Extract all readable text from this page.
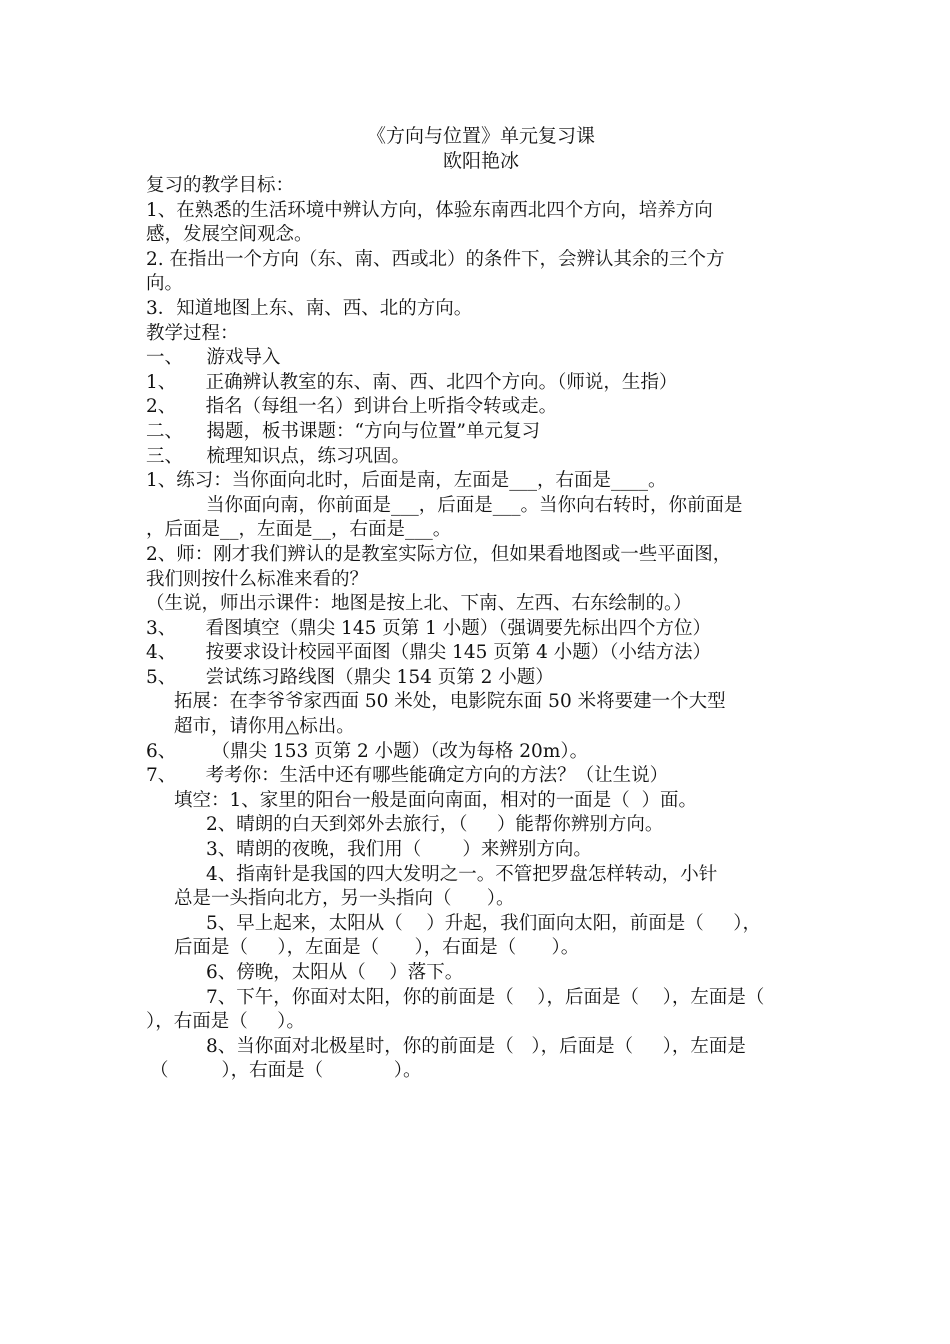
《方向与位置》单元复习课

欧阳艳冰

复习的教学目标：

1、在熟悉的生活环境中辨认方向，体验东南西北四个方向，培养方向

感，发展空间观念。

2. 在指出一个方向（东、南、西或北）的条件下，会辨认其余的三个方

向。

3．知道地图上东、南、西、北的方向。

教学过程：

一、    游戏导入

1、     正确辨认教室的东、南、西、北四个方向。（师说，生指）

2、     指名（每组一名）到讲台上听指令转或走。

二、    揭题，板书课题：“方向与位置”单元复习

三、    梳理知识点，练习巩固。

1、练习：当你面向北时，后面是南，左面是___，右面是____。

当你面向南，你前面是___，后面是___。当你向右转时，你前面是

，后面是__，左面是__，右面是___。

2、师：刚才我们辨认的是教室实际方位，但如果看地图或一些平面图，

我们则按什么标准来看的？

（生说，师出示课件：地图是按上北、下南、左西、右东绘制的。）

3、     看图填空（鼎尖 145 页第 1 小题）（强调要先标出四个方位）

4、     按要求设计校园平面图（鼎尖 145 页第 4 小题）（小结方法）

5、     尝试练习路线图（鼎尖 154 页第 2 小题）

拓展：在李爷爷家西面 50 米处，电影院东面 50 米将要建一个大型

超市，请你用△标出。

6、      （鼎尖 153 页第 2 小题）（改为每格 20m）。

7、     考考你：生活中还有哪些能确定方向的方法？（让生说）

填空：1、家里的阳台一般是面向南面，相对的一面是（  ）面。

2、晴朗的白天到郊外去旅行，（     ）能帮你辨别方向。

3、晴朗的夜晚，我们用（       ）来辨别方向。

4、指南针是我国的四大发明之一。不管把罗盘怎样转动，小针

总是一头指向北方，另一头指向（      ）。

5、早上起来，太阳从（    ）升起，我们面向太阳，前面是（     ），

后面是（     ），左面是（      ），右面是（      ）。

6、傍晚，太阳从（    ）落下。

7、下午，你面对太阳，你的前面是（    ），后面是（    ），左面是（

），右面是（     ）。

8、当你面对北极星时，你的前面是（   ），后面是（     ），左面是

（         ），右面是（            ）。
